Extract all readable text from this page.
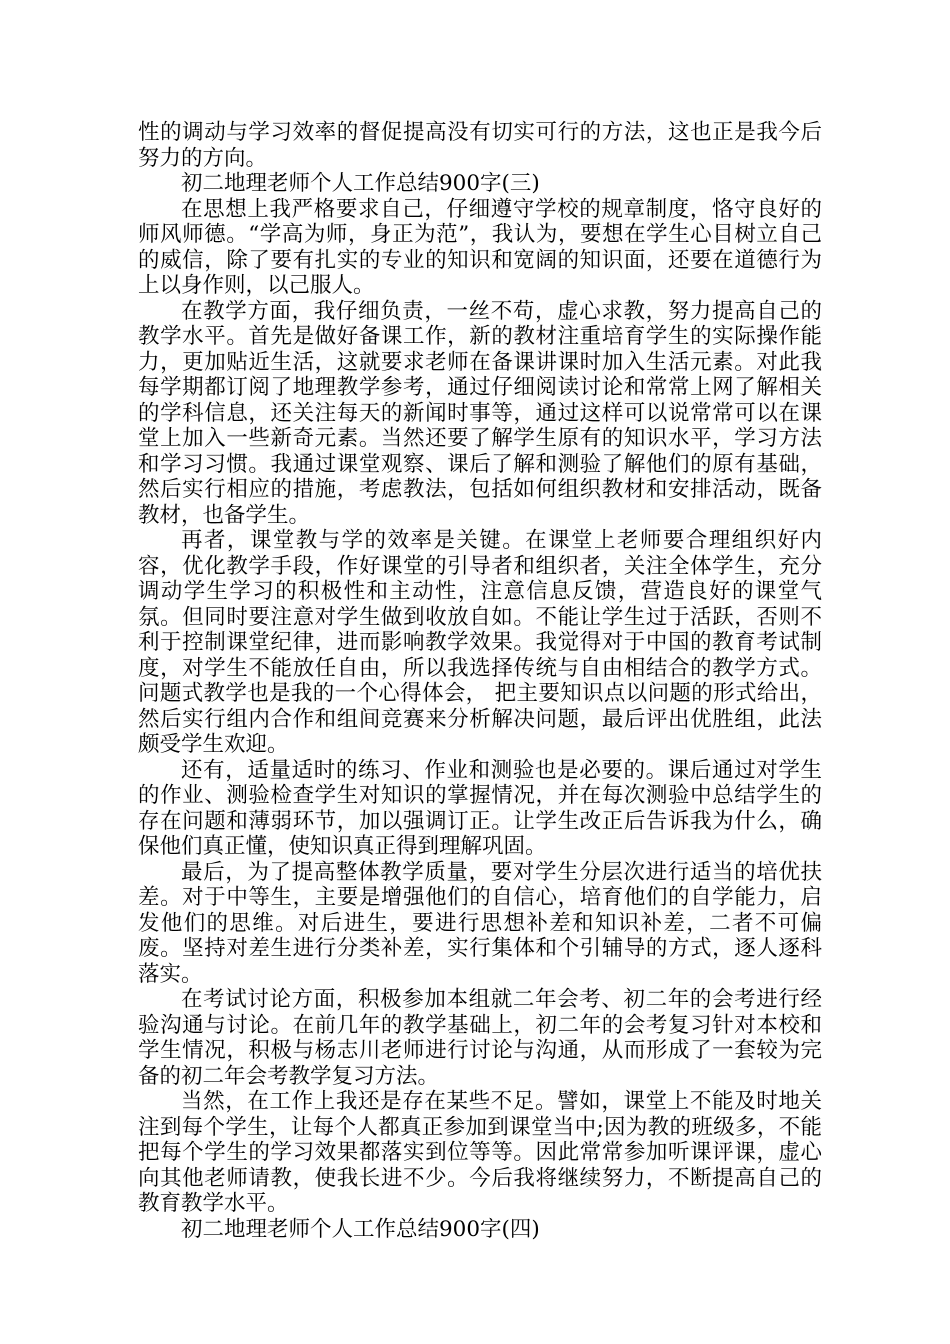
性的调动与学习效率的督促提高没有切实可行的方法，这也正是我今后努力的方向。

初二地理老师个人工作总结900字(三)

在思想上我严格要求自己，仔细遵守学校的规章制度，恪守良好的师风师德。“学高为师，身正为范”，我认为，要想在学生心目树立自己的威信，除了要有扎实的专业的知识和宽阔的知识面，还要在道德行为上以身作则，以己服人。

在教学方面，我仔细负责，一丝不苟，虚心求教，努力提高自己的教学水平。首先是做好备课工作，新的教材注重培育学生的实际操作能力，更加贴近生活，这就要求老师在备课讲课时加入生活元素。对此我每学期都订阅了地理教学参考，通过仔细阅读讨论和常常上网了解相关的学科信息，还关注每天的新闻时事等，通过这样可以说常常可以在课堂上加入一些新奇元素。当然还要了解学生原有的知识水平，学习方法和学习习惯。我通过课堂观察、课后了解和测验了解他们的原有基础，然后实行相应的措施，考虑教法，包括如何组织教材和安排活动，既备教材，也备学生。

再者，课堂教与学的效率是关键。在课堂上老师要合理组织好内容，优化教学手段，作好课堂的引导者和组织者，关注全体学生，充分调动学生学习的积极性和主动性，注意信息反馈，营造良好的课堂气氛。但同时要注意对学生做到收放自如。不能让学生过于活跃，否则不利于控制课堂纪律，进而影响教学效果。我觉得对于中国的教育考试制度，对学生不能放任自由，所以我选择传统与自由相结合的教学方式。问题式教学也是我的一个心得体会， 把主要知识点以问题的形式给出，然后实行组内合作和组间竞赛来分析解决问题，最后评出优胜组，此法颇受学生欢迎。

还有，适量适时的练习、作业和测验也是必要的。课后通过对学生的作业、测验检查学生对知识的掌握情况，并在每次测验中总结学生的存在问题和薄弱环节，加以强调订正。让学生改正后告诉我为什么，确保他们真正懂，使知识真正得到理解巩固。

最后，为了提高整体教学质量，要对学生分层次进行适当的培优扶差。对于中等生，主要是增强他们的自信心，培育他们的自学能力，启发他们的思维。对后进生，要进行思想补差和知识补差，二者不可偏废。坚持对差生进行分类补差，实行集体和个引辅导的方式，逐人逐科落实。

在考试讨论方面，积极参加本组就二年会考、初二年的会考进行经验沟通与讨论。在前几年的教学基础上，初二年的会考复习针对本校和学生情况，积极与杨志川老师进行讨论与沟通，从而形成了一套较为完备的初二年会考教学复习方法。

当然，在工作上我还是存在某些不足。譬如，课堂上不能及时地关注到每个学生，让每个人都真正参加到课堂当中;因为教的班级多，不能把每个学生的学习效果都落实到位等等。因此常常参加听课评课，虚心向其他老师请教，使我长进不少。今后我将继续努力，不断提高自己的教育教学水平。

初二地理老师个人工作总结900字(四)
